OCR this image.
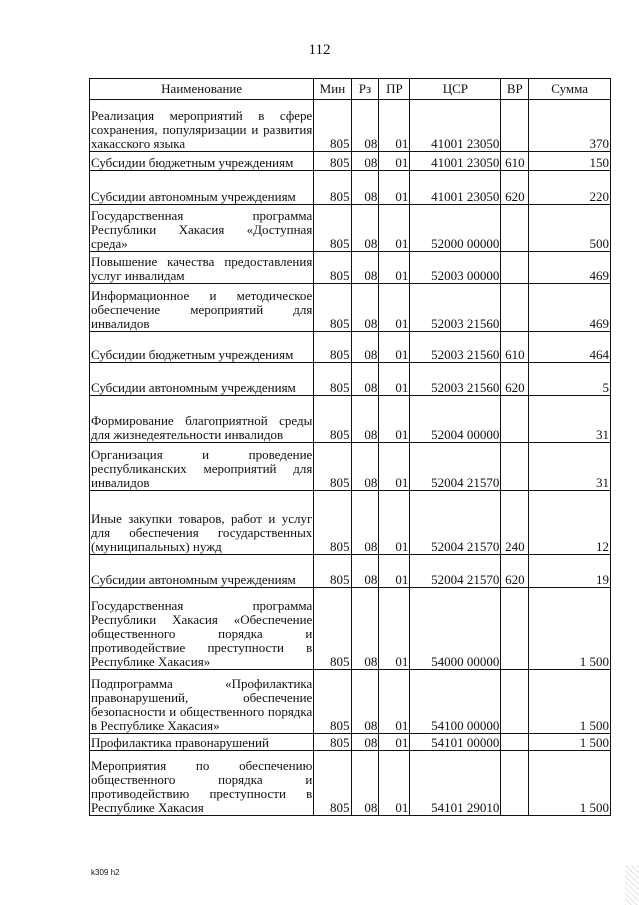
112
Наименование	Мин	Рз	ПР	ЦСР	ВР	Сумма
Реализация мероприятий в сфере сохранения, популяризации и развития хакасского языка	805	08	01	41001 23050		370
Субсидии бюджетным учреждениям	805	08	01	41001 23050	610	150
Субсидии автономным учреждениям	805	08	01	41001 23050	620	220
Государственная программа Республики Хакасия «Доступная среда»	805	08	01	52000 00000		500
Повышение качества предоставления услуг инвалидам	805	08	01	52003 00000		469
Информационное и методическое обеспечение мероприятий для инвалидов	805	08	01	52003 21560		469
Субсидии бюджетным учреждениям	805	08	01	52003 21560	610	464
Субсидии автономным учреждениям	805	08	01	52003 21560	620	5
Формирование благоприятной среды для жизнедеятельности инвалидов	805	08	01	52004 00000		31
Организация и проведение республиканских мероприятий для инвалидов	805	08	01	52004 21570		31
Иные закупки товаров, работ и услуг для обеспечения государственных (муниципальных) нужд	805	08	01	52004 21570	240	12
Субсидии автономным учреждениям	805	08	01	52004 21570	620	19
Государственная программа Республики Хакасия «Обеспечение общественного порядка и противодействие преступности в Республике Хакасия»	805	08	01	54000 00000		1 500
Подпрограмма «Профилактика правонарушений, обеспечение безопасности и общественного порядка в Республике Хакасия»	805	08	01	54100 00000		1 500
Профилактика правонарушений	805	08	01	54101 00000		1 500
Мероприятия по обеспечению общественного порядка и противодействию преступности в Республике Хакасия	805	08	01	54101 29010		1 500
k309 h2
